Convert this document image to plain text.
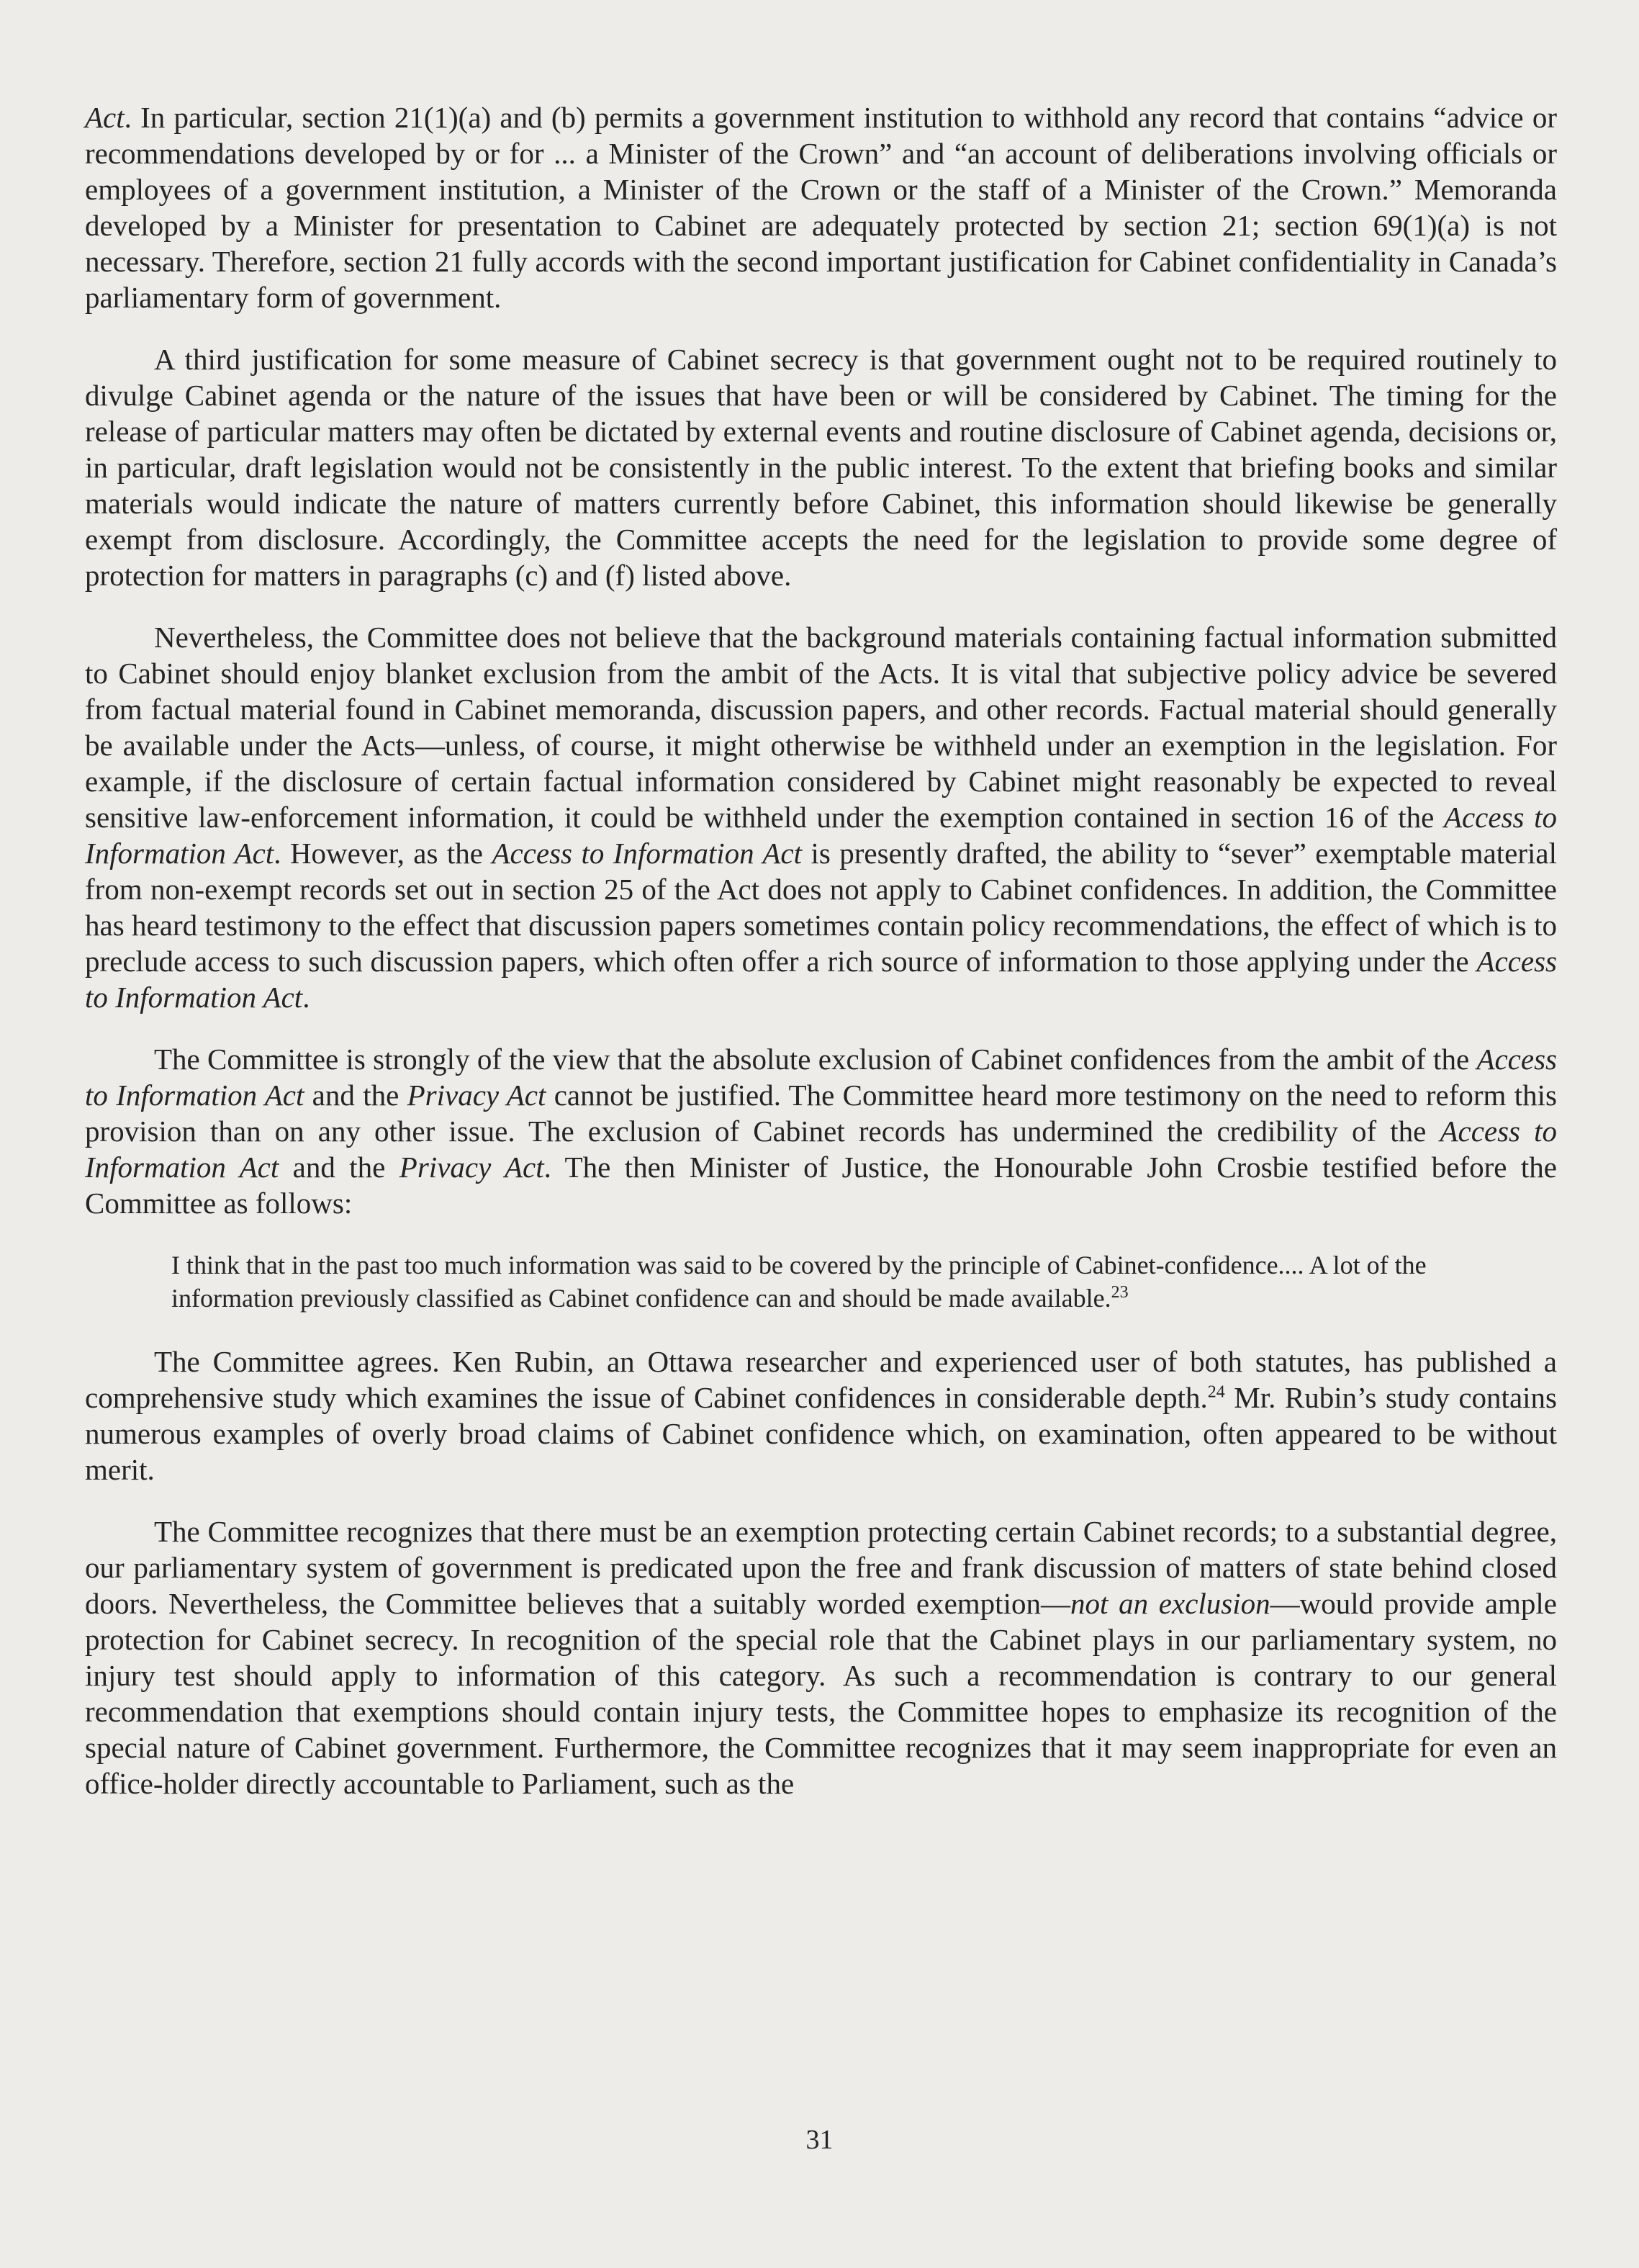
Act. In particular, section 21(1)(a) and (b) permits a government institution to withhold any record that contains “advice or recommendations developed by or for ... a Minister of the Crown” and “an account of deliberations involving officials or employees of a government institution, a Minister of the Crown or the staff of a Minister of the Crown.” Memoranda developed by a Minister for presentation to Cabinet are adequately protected by section 21; section 69(1)(a) is not necessary. Therefore, section 21 fully accords with the second important justification for Cabinet confidentiality in Canada’s parliamentary form of government.

A third justification for some measure of Cabinet secrecy is that government ought not to be required routinely to divulge Cabinet agenda or the nature of the issues that have been or will be considered by Cabinet. The timing for the release of particular matters may often be dictated by external events and routine disclosure of Cabinet agenda, decisions or, in particular, draft legislation would not be consistently in the public interest. To the extent that briefing books and similar materials would indicate the nature of matters currently before Cabinet, this information should likewise be generally exempt from disclosure. Accordingly, the Committee accepts the need for the legislation to provide some degree of protection for matters in paragraphs (c) and (f) listed above.

Nevertheless, the Committee does not believe that the background materials containing factual information submitted to Cabinet should enjoy blanket exclusion from the ambit of the Acts. It is vital that subjective policy advice be severed from factual material found in Cabinet memoranda, discussion papers, and other records. Factual material should generally be available under the Acts—unless, of course, it might otherwise be withheld under an exemption in the legislation. For example, if the disclosure of certain factual information considered by Cabinet might reasonably be expected to reveal sensitive law-enforcement information, it could be withheld under the exemption contained in section 16 of the Access to Information Act. However, as the Access to Information Act is presently drafted, the ability to “sever” exemptable material from non-exempt records set out in section 25 of the Act does not apply to Cabinet confidences. In addition, the Committee has heard testimony to the effect that discussion papers sometimes contain policy recommendations, the effect of which is to preclude access to such discussion papers, which often offer a rich source of information to those applying under the Access to Information Act.

The Committee is strongly of the view that the absolute exclusion of Cabinet confidences from the ambit of the Access to Information Act and the Privacy Act cannot be justified. The Committee heard more testimony on the need to reform this provision than on any other issue. The exclusion of Cabinet records has undermined the credibility of the Access to Information Act and the Privacy Act. The then Minister of Justice, the Honourable John Crosbie testified before the Committee as follows:

I think that in the past too much information was said to be covered by the principle of Cabinet-confidence.... A lot of the information previously classified as Cabinet confidence can and should be made available.$^{23}$

The Committee agrees. Ken Rubin, an Ottawa researcher and experienced user of both statutes, has published a comprehensive study which examines the issue of Cabinet confidences in considerable depth.$^{24}$ Mr. Rubin’s study contains numerous examples of overly broad claims of Cabinet confidence which, on examination, often appeared to be without merit.

The Committee recognizes that there must be an exemption protecting certain Cabinet records; to a substantial degree, our parliamentary system of government is predicated upon the free and frank discussion of matters of state behind closed doors. Nevertheless, the Committee believes that a suitably worded exemption—not an exclusion—would provide ample protection for Cabinet secrecy. In recognition of the special role that the Cabinet plays in our parliamentary system, no injury test should apply to information of this category. As such a recommendation is contrary to our general recommendation that exemptions should contain injury tests, the Committee hopes to emphasize its recognition of the special nature of Cabinet government. Furthermore, the Committee recognizes that it may seem inappropriate for even an office-holder directly accountable to Parliament, such as the

31
